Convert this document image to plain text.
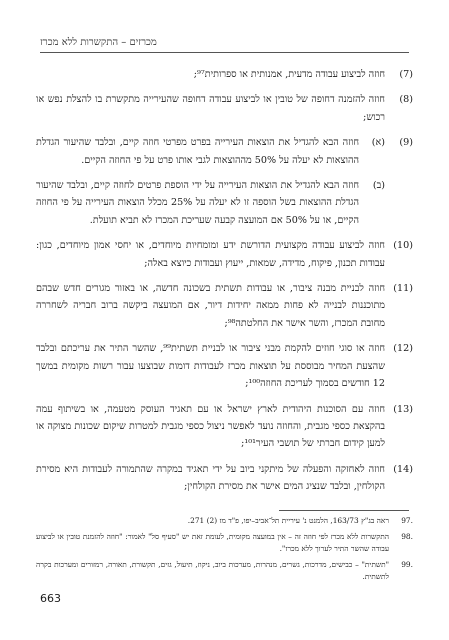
מכרזים – התקשרות ללא מכרז
(7)
חוזה לביצוע עבודה מדעית, אמנותית או ספרותית⁹⁷;
(8)
חוזה להזמנה דחופה של טובין או לביצוע עבודה דחופה שהעירייה מתקשרת בו להצלת נפש או רכוש;
(9)
(א)
חוזה הבא להגדיל את הוצאות העירייה בפרט מפרטי חוזה קיים, ובלבד שהיעור הגדלת ההוצאות לא יעלה על 50% מההוצאות לגבי אותו פרט על פי החוזה הקיים.
(ב)
חוזה הבא להגדיל את הוצאות העירייה על ידי הוספת פרטים לחוזה קיים, ובלבד שהיעור הגדלת ההוצאות בשל הוספה זו לא יעלה על 25% מכלל הוצאות העירייה על פי החוזה הקיים, או על 50% אם המועצה קבעה שעריכת המכרז לא תביא תועלת.
(10)
חוזה לביצוע עבודה מקצועית הדורשת ידע ומומחיות מיוחדים, או יחסי אמון מיוחדים, כגון: עבודות תכנון, פיקוח, מדידה, שמאות, ייעוץ ועבודות כיוצא באלה;
(11)
חוזה לבניית מבנה ציבור, או עבודות תשתית בשכונה חדשה, או באזור מגורים חדש שבהם מתוכננות לבנייה לא פחות ממאה יחידות דיור, אם המועצה ביקשה ברוב חבריה לשחררה מחובת המכרז, והשר אישר את החלטתה⁹⁸;
(12)
חוזה או סוגי חוזים להקמת מבני ציבור או לבניית תשתית⁹⁹, שהשר התיר את עריכתם ובלבד שהצעת המחיר מבוססת על תוצאות מכרז לעבודות דומות שבוצעו עבור רשות מקומית במשך 12 חודשים בסמוך לעריכת החוזה¹⁰⁰;
(13)
חוזה עם הסוכנות היהודית לארץ ישראל או עם תאגיד העוסק מטעמה, או בשיתוף עמה בהקצאת כספי מגבית, והחוזה נועד לאפשר ניצול כספי מגבית למטרות שיקום שכונות מצוקה או למען קידום חברתי של תושבי העיר¹⁰¹;
(14)
חוזה לאחזקה והפעלה של מיתקני ביוב על ידי תאגיד במקרה שהתמורה לעבודות היא מסירת הקולחין, ובלבד שנציג המים אישר את מסירת הקולחין;
.97
ראה בג"ץ 163/73, הלמנט נ' עיריית תל־אביב–יפו, פ"ד מז (2) 271.
.98
התקשרות ללא מכרז לפי חוזה זה – אין במועצה מקומית, לעומת זאת יש "סעיף סל" לאמור: "חוזה להזמנת טובין או לביצוע עבודה שהשר התיר לערוך ללא מכרז".
.99
"תשתית" – כבישים, מדרכות, גשרים, מנהרות, מערכות ביוב, ניקוז, תיעול, גזים, תקשורת, תאורה, רמזורים ומערכות בקרה לתשתית.
663
